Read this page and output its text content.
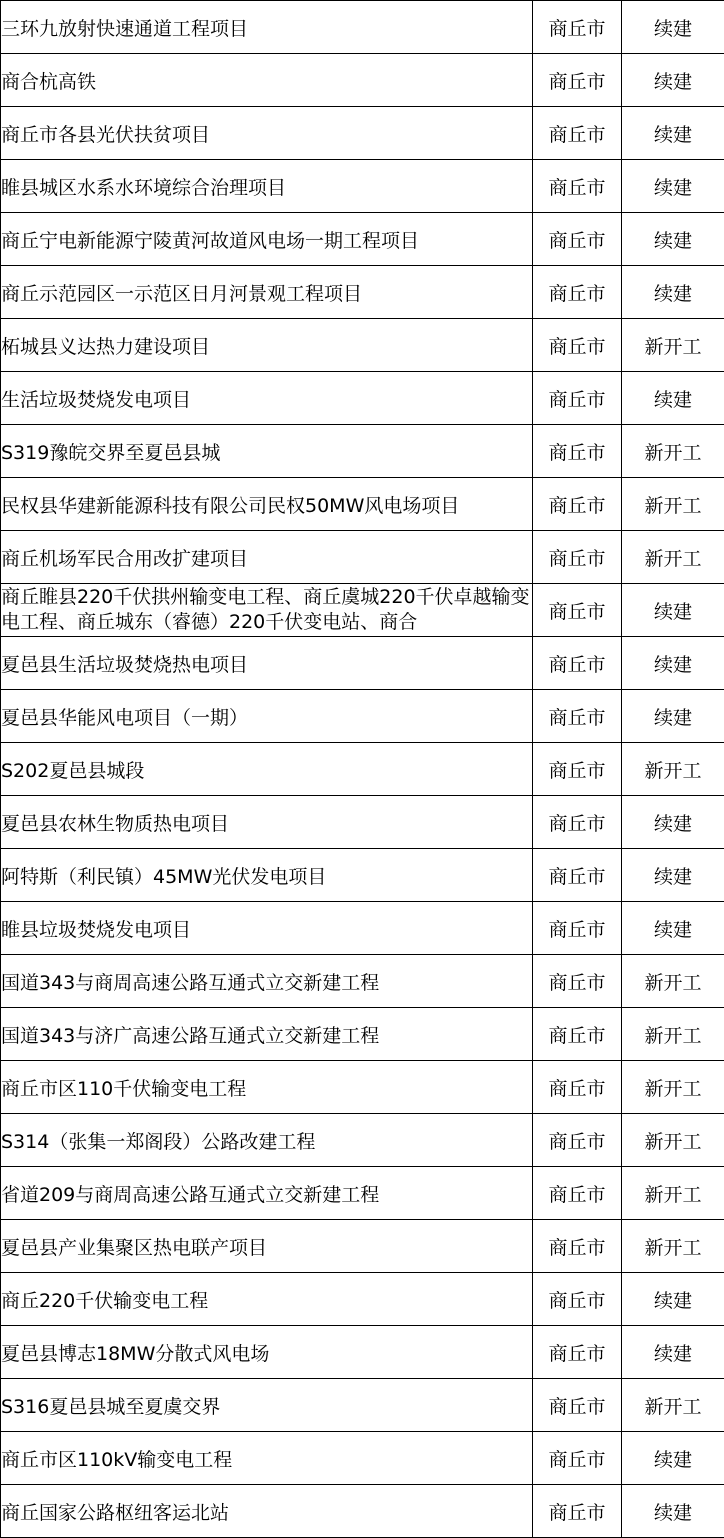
三环九放射快速通道工程项目	商丘市	续建
商合杭高铁	商丘市	续建
商丘市各县光伏扶贫项目	商丘市	续建
睢县城区水系水环境综合治理项目	商丘市	续建
商丘宁电新能源宁陵黄河故道风电场一期工程项目	商丘市	续建
商丘示范园区一示范区日月河景观工程项目	商丘市	续建
柘城县义达热力建设项目	商丘市	新开工
生活垃圾焚烧发电项目	商丘市	续建
S319豫皖交界至夏邑县城	商丘市	新开工
民权县华建新能源科技有限公司民权50MW风电场项目	商丘市	新开工
商丘机场军民合用改扩建项目	商丘市	新开工
商丘睢县220千伏拱州输变电工程、商丘虞城220千伏卓越输变电工程、商丘城东（睿德）220千伏变电站、商合	商丘市	续建
夏邑县生活垃圾焚烧热电项目	商丘市	续建
夏邑县华能风电项目（一期）	商丘市	续建
S202夏邑县城段	商丘市	新开工
夏邑县农林生物质热电项目	商丘市	续建
阿特斯（利民镇）45MW光伏发电项目	商丘市	续建
睢县垃圾焚烧发电项目	商丘市	续建
国道343与商周高速公路互通式立交新建工程	商丘市	新开工
国道343与济广高速公路互通式立交新建工程	商丘市	新开工
商丘市区110千伏输变电工程	商丘市	新开工
S314（张集一郑阁段）公路改建工程	商丘市	新开工
省道209与商周高速公路互通式立交新建工程	商丘市	新开工
夏邑县产业集聚区热电联产项目	商丘市	新开工
商丘220千伏输变电工程	商丘市	续建
夏邑县博志18MW分散式风电场	商丘市	续建
S316夏邑县城至夏虞交界	商丘市	新开工
商丘市区110kV输变电工程	商丘市	续建
商丘国家公路枢纽客运北站	商丘市	续建
